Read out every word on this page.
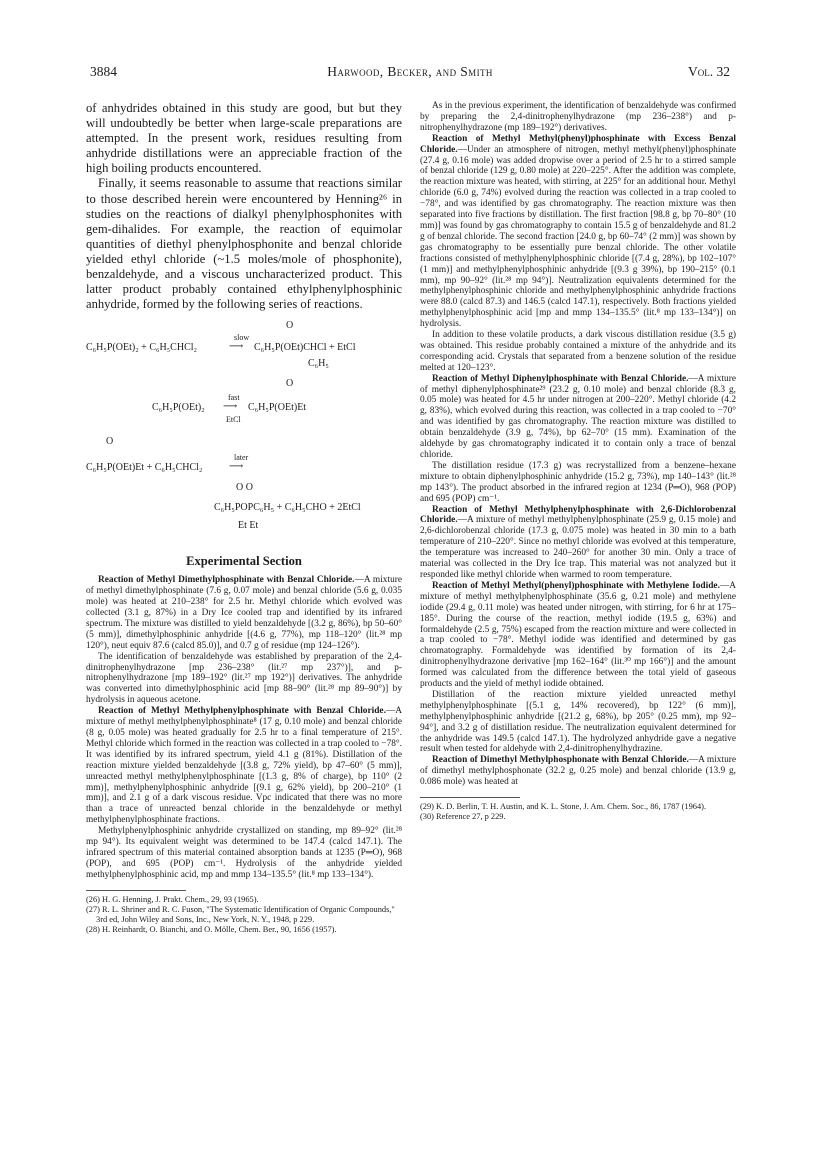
3884	Harwood, Becker, and Smith	Vol. 32

of anhydrides obtained in this study are good, but but they will undoubtedly be better when large-scale preparations are attempted. In the present work, residues resulting from anhydride distillations were an appreciable fraction of the high boiling products encountered.

Finally, it seems reasonable to assume that reactions similar to those described herein were encountered by Henning²⁶ in studies on the reactions of dialkyl phenylphosphonites with gem-dihalides. For example, the reaction of equimolar quantities of diethyl phenylphosphonite and benzal chloride yielded ethyl chloride (~1.5 moles/mole of phosphonite), benzaldehyde, and a viscous uncharacterized product. This latter product probably contained ethylphenylphosphinic anhydride, formed by the following series of reactions.

O
slow
C₆H₅P(OEt)₂ + C₆H₅CHCl₂	⟶ C₆H₅P(OEt)CHCl + EtCl
C₆H₅
O
fast
C₆H₅P(OEt)₂ ⟶ C₆H₅P(OEt)Et
EtCl
O
later
C₆H₅P(OEt)Et + C₆H₅CHCl₂	⟶
O O
C₆H₅POPC₆H₅ + C₆H₅CHO + 2EtCl
Et Et
Experimental Section

Reaction of Methyl Dimethylphosphinate with Benzal Chloride.—A mixture of methyl dimethylphosphinate (7.6 g, 0.07 mole) and benzal chloride (5.6 g, 0.035 mole) was heated at 210–238° for 2.5 hr. Methyl chloride which evolved was collected (3.1 g, 87%) in a Dry Ice cooled trap and identified by its infrared spectrum. The mixture was distilled to yield benzaldehyde [(3.2 g, 86%), bp 50–60° (5 mm)], dimethylphosphinic anhydride [(4.6 g, 77%), mp 118–120° (lit.²⁸ mp 120°), neut equiv 87.6 (calcd 85.0)], and 0.7 g of residue (mp 124–126°).

The identification of benzaldehyde was established by preparation of the 2,4-dinitrophenylhydrazone [mp 236–238° (lit.²⁷ mp 237°)], and p-nitrophenylhydrazone [mp 189–192° (lit.²⁷ mp 192°)] derivatives. The anhydride was converted into dimethylphosphinic acid [mp 88–90° (lit.²⁸ mp 89–90°)] by hydrolysis in aqueous acetone.

Reaction of Methyl Methylphenylphosphinate with Benzal Chloride.—A mixture of methyl methylphenylphosphinate⁸ (17 g, 0.10 mole) and benzal chloride (8 g, 0.05 mole) was heated gradually for 2.5 hr to a final temperature of 215°. Methyl chloride which formed in the reaction was collected in a trap cooled to −78°. It was identified by its infrared spectrum, yield 4.1 g (81%). Distillation of the reaction mixture yielded benzaldehyde [(3.8 g, 72% yield), bp 47–60° (5 mm)], unreacted methyl methylphenylphosphinate [(1.3 g, 8% of charge), bp 110° (2 mm)], methylphenylphosphinic anhydride [(9.1 g, 62% yield), bp 200–210° (1 mm)], and 2.1 g of a dark viscous residue. Vpc indicated that there was no more than a trace of unreacted benzal chloride in the benzaldehyde or methyl methylphenylphosphinate fractions.

Methylphenylphosphinic anhydride crystallized on standing, mp 89–92° (lit.²⁸ mp 94°). Its equivalent weight was determined to be 147.4 (calcd 147.1). The infrared spectrum of this material contained absorption bands at 1235 (P═O), 968 (POP), and 695 (POP) cm⁻¹. Hydrolysis of the anhydride yielded methylphenylphosphinic acid, mp and mmp 134–135.5° (lit.⁸ mp 133–134°).

(26) H. G. Henning, J. Prakt. Chem., 29, 93 (1965).

(27) R. L. Shriner and R. C. Fuson, "The Systematic Identification of Organic Compounds," 3rd ed, John Wiley and Sons, Inc., New York, N. Y., 1948, p 229.

(28) H. Reinhardt, O. Bianchi, and O. Mölle, Chem. Ber., 90, 1656 (1957).

As in the previous experiment, the identification of benzaldehyde was confirmed by preparing the 2,4-dinitrophenylhydrazone (mp 236–238°) and p-nitrophenylhydrazone (mp 189–192°) derivatives.

Reaction of Methyl Methyl(phenyl)phosphinate with Excess Benzal Chloride.—Under an atmosphere of nitrogen, methyl methyl(phenyl)phosphinate (27.4 g, 0.16 mole) was added dropwise over a period of 2.5 hr to a stirred sample of benzal chloride (129 g, 0.80 mole) at 220–225°. After the addition was complete, the reaction mixture was heated, with stirring, at 225° for an additional hour. Methyl chloride (6.0 g, 74%) evolved during the reaction was collected in a trap cooled to −78°, and was identified by gas chromatography. The reaction mixture was then separated into five fractions by distillation. The first fraction [98.8 g, bp 70–80° (10 mm)] was found by gas chromatography to contain 15.5 g of benzaldehyde and 81.2 g of benzal chloride. The second fraction [24.0 g, bp 60–74° (2 mm)] was shown by gas chromatography to be essentially pure benzal chloride. The other volatile fractions consisted of methylphenylphosphinic chloride [(7.4 g, 28%), bp 102–107° (1 mm)] and methylphenylphosphinic anhydride [(9.3 g 39%), bp 190–215° (0.1 mm), mp 90–92° (lit.²⁸ mp 94°)]. Neutralization equivalents determined for the methylphenylphosphinic chloride and methylphenylphosphinic anhydride fractions were 88.0 (calcd 87.3) and 146.5 (calcd 147.1), respectively. Both fractions yielded methylphenylphosphinic acid [mp and mmp 134–135.5° (lit.⁸ mp 133–134°)] on hydrolysis.

In addition to these volatile products, a dark viscous distillation residue (3.5 g) was obtained. This residue probably contained a mixture of the anhydride and its corresponding acid. Crystals that separated from a benzene solution of the residue melted at 120–123°.

Reaction of Methyl Diphenylphosphinate with Benzal Chloride.—A mixture of methyl diphenylphosphinate²⁹ (23.2 g, 0.10 mole) and benzal chloride (8.3 g, 0.05 mole) was heated for 4.5 hr under nitrogen at 200–220°. Methyl chloride (4.2 g, 83%), which evolved during this reaction, was collected in a trap cooled to −70° and was identified by gas chromatography. The reaction mixture was distilled to obtain benzaldehyde (3.9 g, 74%), bp 62–70° (15 mm). Examination of the aldehyde by gas chromatography indicated it to contain only a trace of benzal chloride.

The distillation residue (17.3 g) was recrystallized from a benzene–hexane mixture to obtain diphenylphosphinic anhydride (15.2 g, 73%), mp 140–143° (lit.²⁸ mp 143°). The product absorbed in the infrared region at 1234 (P═O), 968 (POP) and 695 (POP) cm⁻¹.

Reaction of Methyl Methylphenylphosphinate with 2,6-Dichlorobenzal Chloride.—A mixture of methyl methylphenylphosphinate (25.9 g, 0.15 mole) and 2,6-dichlorobenzal chloride (17.3 g, 0.075 mole) was heated in 30 min to a bath temperature of 210–220°. Since no methyl chloride was evolved at this temperature, the temperature was increased to 240–260° for another 30 min. Only a trace of material was collected in the Dry Ice trap. This material was not analyzed but it responded like methyl chloride when warmed to room temperature.

Reaction of Methyl Methyl(phenyl)phosphinate with Methylene Iodide.—A mixture of methyl methylphenylphosphinate (35.6 g, 0.21 mole) and methylene iodide (29.4 g, 0.11 mole) was heated under nitrogen, with stirring, for 6 hr at 175–185°. During the course of the reaction, methyl iodide (19.5 g, 63%) and formaldehyde (2.5 g, 75%) escaped from the reaction mixture and were collected in a trap cooled to −78°. Methyl iodide was identified and determined by gas chromatography. Formaldehyde was identified by formation of its 2,4-dinitrophenylhydrazone derivative [mp 162–164° (lit.³⁰ mp 166°)] and the amount formed was calculated from the difference between the total yield of gaseous products and the yield of methyl iodide obtained.

Distillation of the reaction mixture yielded unreacted methyl methylphenylphosphinate [(5.1 g, 14% recovered), bp 122° (6 mm)], methylphenylphosphinic anhydride [(21.2 g, 68%), bp 205° (0.25 mm), mp 92–94°], and 3.2 g of distillation residue. The neutralization equivalent determined for the anhydride was 149.5 (calcd 147.1). The hydrolyzed anhydride gave a negative result when tested for aldehyde with 2,4-dinitrophenylhydrazine.

Reaction of Dimethyl Methylphosphonate with Benzal Chloride.—A mixture of dimethyl methylphosphonate (32.2 g, 0.25 mole) and benzal chloride (13.9 g, 0.086 mole) was heated at

(29) K. D. Berlin, T. H. Austin, and K. L. Stone, J. Am. Chem. Soc., 86, 1787 (1964).

(30) Reference 27, p 229.
